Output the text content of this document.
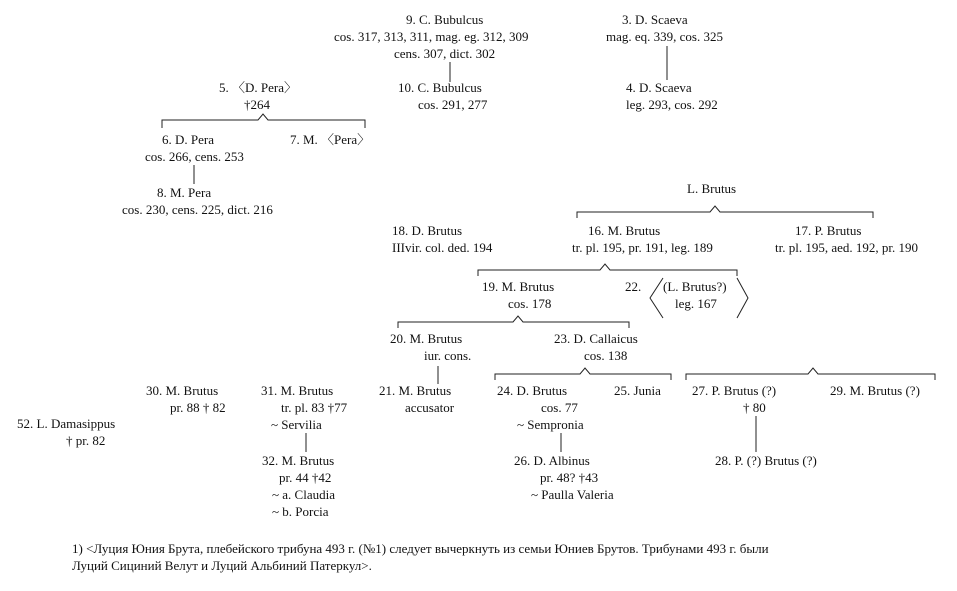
9. C. Bubulcus
cos. 317, 313, 311, mag. eg. 312, 309
cens. 307, dict. 302
3. D. Scaeva
mag. eq. 339, cos. 325
5. 〈D. Pera〉
†264
10. C. Bubulcus
cos. 291, 277
4. D. Scaeva
leg. 293, cos. 292
6. D. Pera
cos. 266, cens. 253
7. M. 〈Pera〉
8. M. Pera
cos. 230, cens. 225, dict. 216
L. Brutus
18. D. Brutus
IIIvir. col. ded. 194
16. M. Brutus
tr. pl. 195, pr. 191, leg. 189
17. P. Brutus
tr. pl. 195, aed. 192, pr. 190
19. M. Brutus
cos. 178
22. (L. Brutus?)
leg. 167
20. M. Brutus
iur. cons.
23. D. Callaicus
cos. 138
30. M. Brutus
pr. 88 † 82
31. M. Brutus
tr. pl. 83 †77
~ Servilia
21. M. Brutus
accusator
24. D. Brutus
cos. 77
~ Sempronia
25. Junia 27. P. Brutus (?)
† 80
29. M. Brutus (?)
52. L. Damasippus
† pr. 82
32. M. Brutus
pr. 44 †42
~ a. Claudia
~ b. Porcia
26. D. Albinus
pr. 48? †43
~ Paulla Valeria
28. P. (?) Brutus (?)
1) <Луция Юния Брута, плебейского трибуна 493 г. (№1) следует вычеркнуть из семьи Юниев Брутов. Трибунами 493 г. были
Луций Сициний Велут и Луций Альбиний Патеркул>.
